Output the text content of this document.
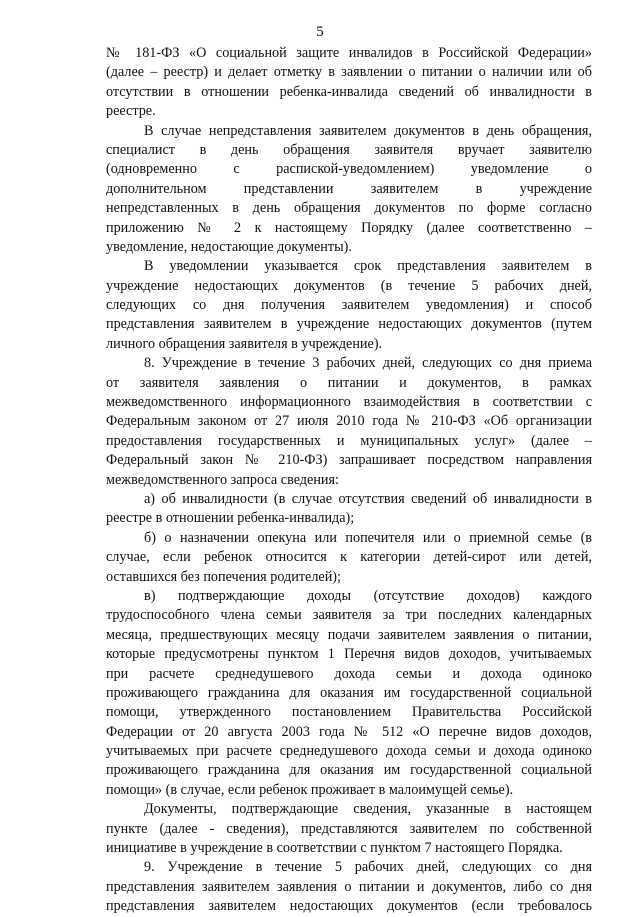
5
№ 181-ФЗ «О социальной защите инвалидов в Российской Федерации»
(далее – реестр) и делает отметку в заявлении о питании о наличии или об
отсутствии в отношении ребенка-инвалида сведений об инвалидности в
реестре.
В случае непредставления заявителем документов в день обращения,
специалист в день обращения заявителя вручает заявителю
(одновременно с распиской-уведомлением) уведомление о
дополнительном представлении заявителем в учреждение
непредставленных в день обращения документов по форме согласно
приложению № 2 к настоящему Порядку (далее соответственно –
уведомление, недостающие документы).
В уведомлении указывается срок представления заявителем в
учреждение недостающих документов (в течение 5 рабочих дней,
следующих со дня получения заявителем уведомления) и способ
представления заявителем в учреждение недостающих документов (путем
личного обращения заявителя в учреждение).
8. Учреждение в течение 3 рабочих дней, следующих со дня приема
от заявителя заявления о питании и документов, в рамках
межведомственного информационного взаимодействия в соответствии с
Федеральным законом от 27 июля 2010 года № 210-ФЗ «Об организации
предоставления государственных и муниципальных услуг» (далее –
Федеральный закон № 210-ФЗ) запрашивает посредством направления
межведомственного запроса сведения:
а) об инвалидности (в случае отсутствия сведений об инвалидности в
реестре в отношении ребенка-инвалида);
б) о назначении опекуна или попечителя или о приемной семье (в
случае, если ребенок относится к категории детей-сирот или детей,
оставшихся без попечения родителей);
в) подтверждающие доходы (отсутствие доходов) каждого
трудоспособного члена семьи заявителя за три последних календарных
месяца, предшествующих месяцу подачи заявителем заявления о питании,
которые предусмотрены пунктом 1 Перечня видов доходов, учитываемых
при расчете среднедушевого дохода семьи и дохода одиноко
проживающего гражданина для оказания им государственной социальной
помощи, утвержденного постановлением Правительства Российской
Федерации от 20 августа 2003 года № 512 «О перечне видов доходов,
учитываемых при расчете среднедушевого дохода семьи и дохода одиноко
проживающего гражданина для оказания им государственной социальной
помощи» (в случае, если ребенок проживает в малоимущей семье).
Документы, подтверждающие сведения, указанные в настоящем
пункте (далее - сведения), представляются заявителем по собственной
инициативе в учреждение в соответствии с пунктом 7 настоящего Порядка.
9. Учреждение в течение 5 рабочих дней, следующих со дня
представления заявителем заявления о питании и документов, либо со дня
представления заявителем недостающих документов (если требовалось
